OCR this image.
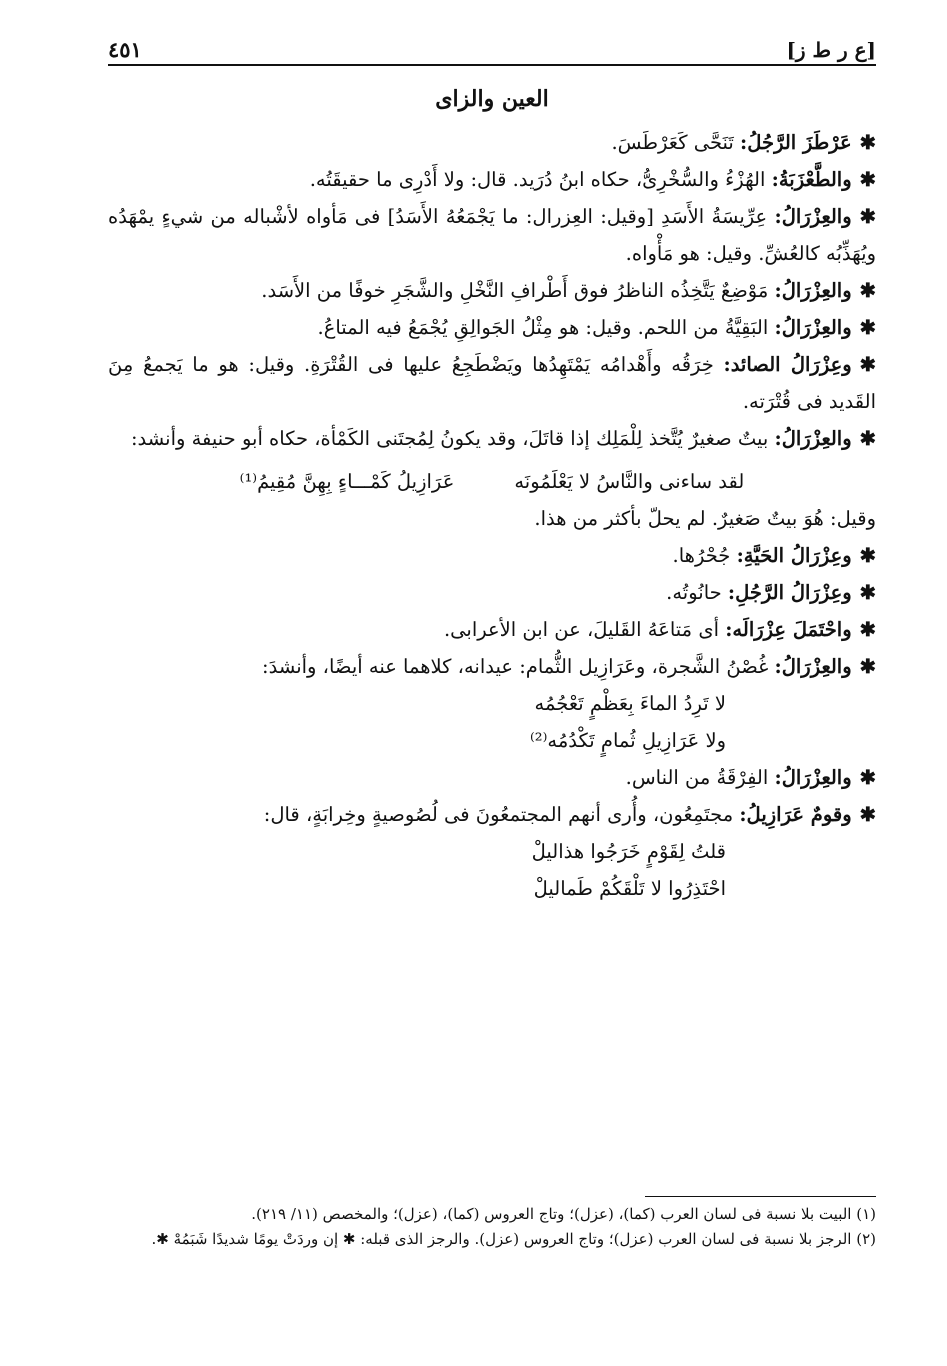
٤٥١	[ع ر ط ز]
العين والزاى

✱عَرْطَزَ الرَّجُلُ: تَنَحَّى كَعَرْطَسَ.

✱والطَّعْزَبَةُ: الهُزْءُ والسُّخْرِىُّ، حكاه ابنُ دُرَيد. قال: ولا أَدْرِى ما حقيقَتُه.

✱والعِزْرَالُ: عِرِّيسَةُ الأَسَدِ [وقيل: العِزرال: ما يَجْمَعُهُ الأَسَدُ] فى مَأواه لأشْباله من شيءٍ يمْهَدُه ويُهَذِّبُه كالعُشِّ. وقيل: هو مَأْواه.

✱والعِزْرَالُ: مَوْضِعٌ يَتَّخِذُه الناظرُ فوق أَطْرافِ النَّخْلِ والشَّجَرِ خوفًا من الأَسَد.

✱والعِزْرَالُ: البَقِيَّةُ من اللحم. وقيل: هو مِثْلُ الجَوالِقِ يُجْمَعُ فيه المتاعُ.

✱وعِزْرَالُ الصائد: خِرَقُه وأَهْدامُه يَمْتَهِدُها ويَضْطَجِعُ عليها فى القُتْرَةِ. وقيل: هو ما يَجمعُ مِنَ القَديد فى قُتْرَته.

✱والعِزْرَالُ: بيتٌ صغيرٌ يُتَّخذ لِلْمَلِك إذا قاتَلَ، وقد يكونُ لِمُجتَنى الكَمْأة، حكاه أبو حنيفة وأنشد:

لقد ساءنى والنَّاسُ لا يَعْلَمُونَه
عَرَازِيلُ كَمْـــاءٍ بِهِنَّ مُقِيمُ⁽¹⁾

وقيل: هُوَ بيتٌ صَغيرٌ. لم يحلّ بأكثر من هذا.

✱وعِزْرَالُ الحَيَّةِ: جُحْرُها.

✱وعِزْرَالُ الرَّجُلِ: حانُوتُه.

✱واحْتَمَلَ عِزْرَالَه: أى مَتاعَهُ القَليلَ، عن ابن الأعرابى.

✱والعِزْرَالُ: غُصْنُ الشَّجرة، وعَرَازِيل الثُّمام: عيدانه، كلاهما عنه أيضًا، وأنشدَ:

لا تَرِدُ الماءَ بِعَظْمٍ تَعْجُمُه

ولا عَرَازِيلِ ثُمامٍ تَكْدُمُه⁽²⁾

✱والعِزْرَالُ: الفِرْقَةُ من الناس.

✱وقومٌ عَرَازِيلُ: مجتَمِعُون، وأُرى أنهم المجتمعُونَ فى لُصُوصيةٍ وخِرابَةٍ، قال:

قلتُ لِقَوْمٍ خَرَجُوا هذاليلْ

احْتَذِرُوا لا تَلْقَكُمْ طَماليلْ

(١) البيت بلا نسبة فى لسان العرب (كما)، (عزل)؛ وتاج العروس (كما)، (عزل)؛ والمخصص (١١/ ٢١٩).

(٢) الرجز بلا نسبة فى لسان العرب (عزل)؛ وتاج العروس (عزل). والرجز الذى قبله: ✱ إن وردَتْ يومًا شديدًا شَبَمُهْ ✱.
